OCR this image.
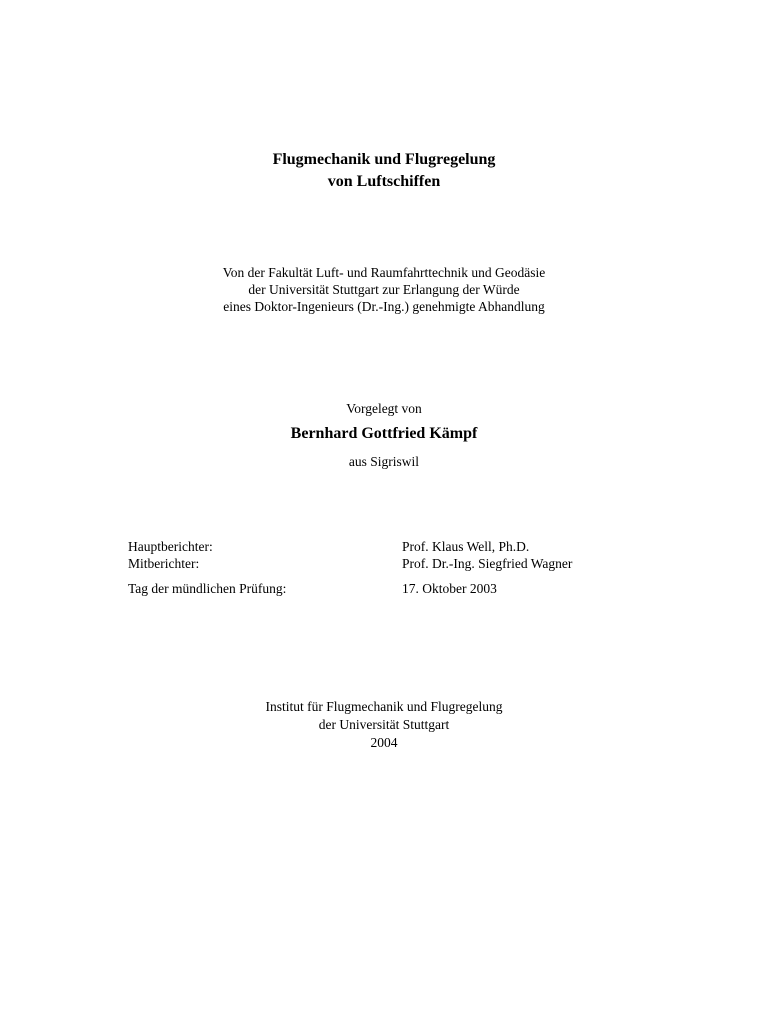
Flugmechanik und Flugregelung
von Luftschiffen
Von der Fakultät Luft- und Raumfahrttechnik und Geodäsie
der Universität Stuttgart zur Erlangung der Würde
eines Doktor-Ingenieurs (Dr.-Ing.) genehmigte Abhandlung
Vorgelegt von
Bernhard Gottfried Kämpf
aus Sigriswil
Hauptberichter:	Prof. Klaus Well, Ph.D.
Mitberichter:	Prof. Dr.-Ing. Siegfried Wagner
Tag der mündlichen Prüfung:	17. Oktober 2003
Institut für Flugmechanik und Flugregelung
der Universität Stuttgart
2004
